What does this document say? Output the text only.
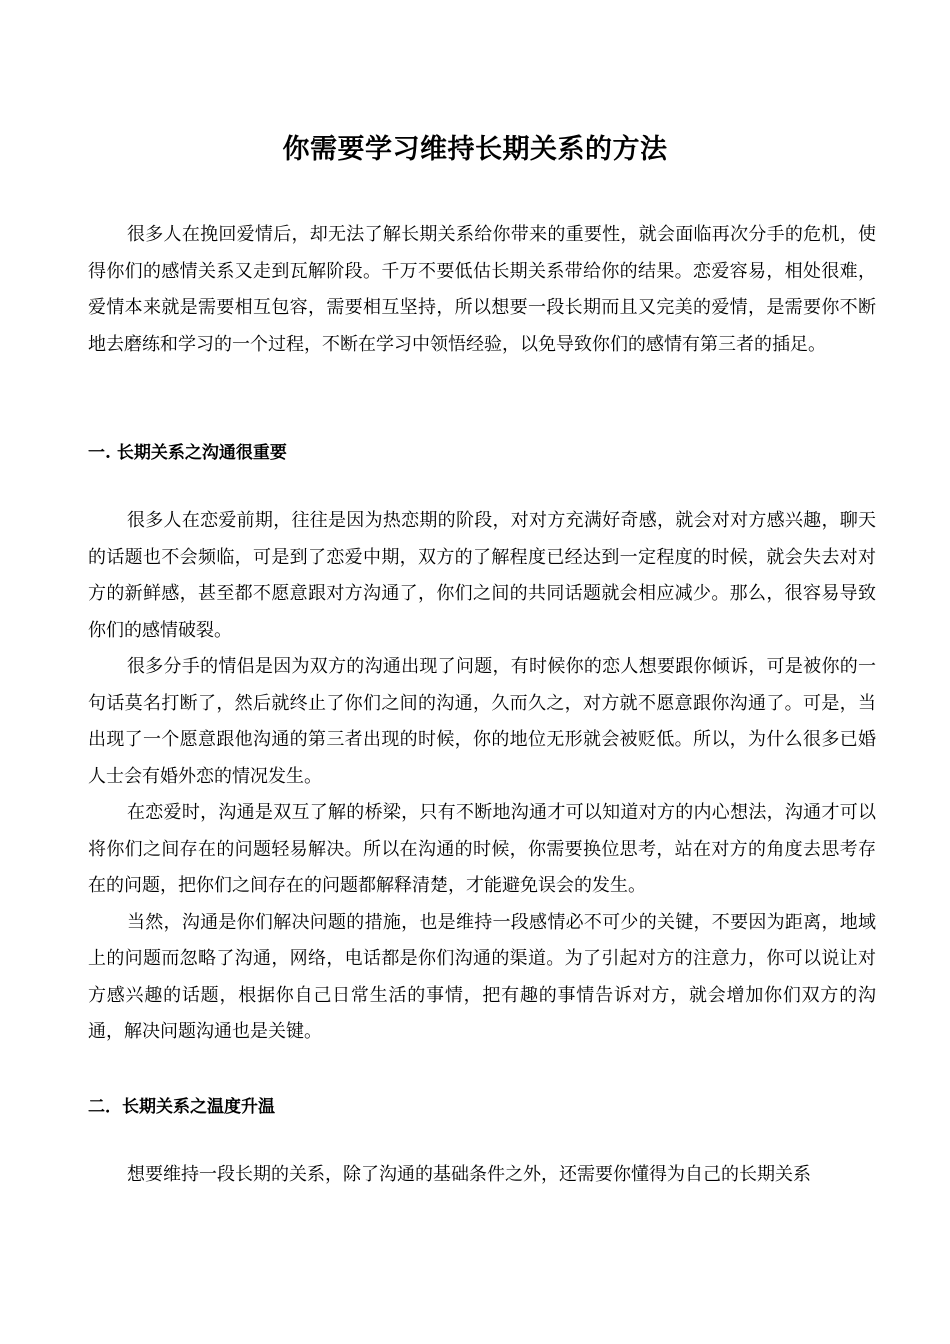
你需要学习维持长期关系的方法

很多人在挽回爱情后，却无法了解长期关系给你带来的重要性，就会面临再次分手的危机，使得你们的感情关系又走到瓦解阶段。千万不要低估长期关系带给你的结果。恋爱容易，相处很难，爱情本来就是需要相互包容，需要相互坚持，所以想要一段长期而且又完美的爱情，是需要你不断地去磨练和学习的一个过程，不断在学习中领悟经验，以免导致你们的感情有第三者的插足。

一. 长期关系之沟通很重要

很多人在恋爱前期，往往是因为热恋期的阶段，对对方充满好奇感，就会对对方感兴趣，聊天的话题也不会频临，可是到了恋爱中期，双方的了解程度已经达到一定程度的时候，就会失去对对方的新鲜感，甚至都不愿意跟对方沟通了，你们之间的共同话题就会相应减少。那么，很容易导致你们的感情破裂。

很多分手的情侣是因为双方的沟通出现了问题，有时候你的恋人想要跟你倾诉，可是被你的一句话莫名打断了，然后就终止了你们之间的沟通，久而久之，对方就不愿意跟你沟通了。可是，当出现了一个愿意跟他沟通的第三者出现的时候，你的地位无形就会被贬低。所以，为什么很多已婚人士会有婚外恋的情况发生。

在恋爱时，沟通是双互了解的桥梁，只有不断地沟通才可以知道对方的内心想法，沟通才可以将你们之间存在的问题轻易解决。所以在沟通的时候，你需要换位思考，站在对方的角度去思考存在的问题，把你们之间存在的问题都解释清楚，才能避免误会的发生。

当然，沟通是你们解决问题的措施，也是维持一段感情必不可少的关键，不要因为距离，地域上的问题而忽略了沟通，网络，电话都是你们沟通的渠道。为了引起对方的注意力，你可以说让对方感兴趣的话题，根据你自己日常生活的事情，把有趣的事情告诉对方，就会增加你们双方的沟通，解决问题沟通也是关键。

二．长期关系之温度升温

想要维持一段长期的关系，除了沟通的基础条件之外，还需要你懂得为自己的长期关系
